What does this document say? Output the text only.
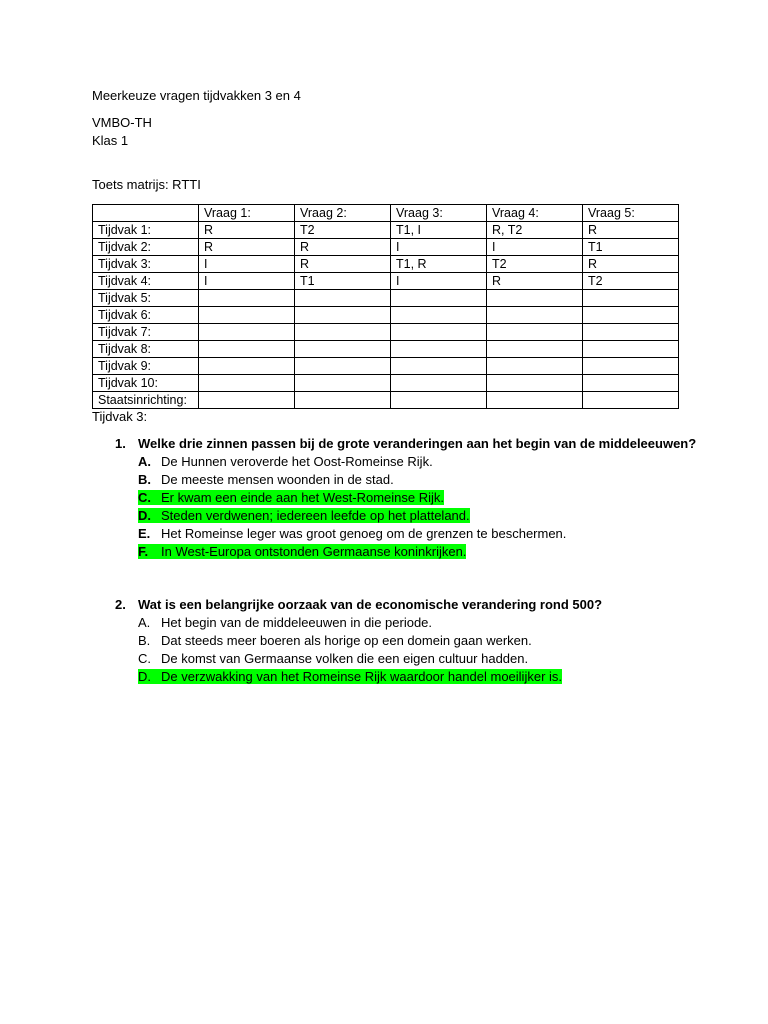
Meerkeuze vragen tijdvakken 3 en 4
VMBO-TH
Klas 1
Toets matrijs: RTTI
	Vraag 1:	Vraag 2:	Vraag 3:	Vraag 4:	Vraag 5:
Tijdvak 1:	R	T2	T1, I	R, T2	R
Tijdvak 2:	R	R	I	I	T1
Tijdvak 3:	I	R	T1, R	T2	R
Tijdvak 4:	I	T1	I	R	T2
Tijdvak 5:					
Tijdvak 6:					
Tijdvak 7:					
Tijdvak 8:					
Tijdvak 9:					
Tijdvak 10:					
Staatsinrichting:					
Tijdvak 3:
1. Welke drie zinnen passen bij de grote veranderingen aan het begin van de middeleeuwen?
A. De Hunnen veroverde het Oost-Romeinse Rijk.
B. De meeste mensen woonden in de stad.
C. Er kwam een einde aan het West-Romeinse Rijk.
D. Steden verdwenen; iedereen leefde op het platteland.
E. Het Romeinse leger was groot genoeg om de grenzen te beschermen.
F. In West-Europa ontstonden Germaanse koninkrijken.
2. Wat is een belangrijke oorzaak van de economische verandering rond 500?
A. Het begin van de middeleeuwen in die periode.
B. Dat steeds meer boeren als horige op een domein gaan werken.
C. De komst van Germaanse volken die een eigen cultuur hadden.
D. De verzwakking van het Romeinse Rijk waardoor handel moeilijker is.
